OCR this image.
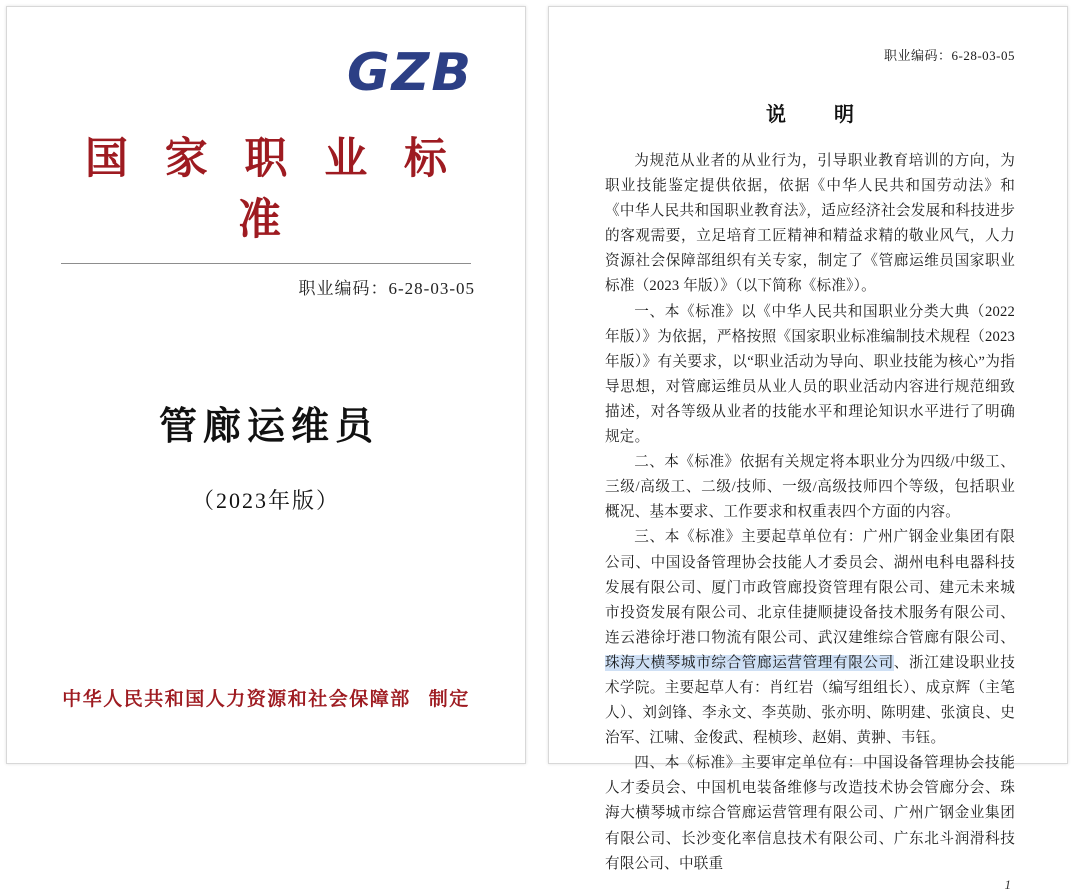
GZB
国 家 职 业 标 准
职业编码：6-28-03-05
管廊运维员
（2023年版）
中华人民共和国人力资源和社会保障部 制定
职业编码：6-28-03-05
说　明

为规范从业者的从业行为，引导职业教育培训的方向，为职业技能鉴定提供依据，依据《中华人民共和国劳动法》和《中华人民共和国职业教育法》，适应经济社会发展和科技进步的客观需要，立足培育工匠精神和精益求精的敬业风气，人力资源社会保障部组织有关专家，制定了《管廊运维员国家职业标准（2023 年版）》（以下简称《标准》）。

一、本《标准》以《中华人民共和国职业分类大典（2022 年版）》为依据，严格按照《国家职业标准编制技术规程（2023 年版）》有关要求，以“职业活动为导向、职业技能为核心”为指导思想，对管廊运维员从业人员的职业活动内容进行规范细致描述，对各等级从业者的技能水平和理论知识水平进行了明确规定。

二、本《标准》依据有关规定将本职业分为四级/中级工、三级/高级工、二级/技师、一级/高级技师四个等级，包括职业概况、基本要求、工作要求和权重表四个方面的内容。

三、本《标准》主要起草单位有：广州广钢金业集团有限公司、中国设备管理协会技能人才委员会、湖州电科电器科技发展有限公司、厦门市政管廊投资管理有限公司、建元未来城市投资发展有限公司、北京佳捷顺捷设备技术服务有限公司、连云港徐圩港口物流有限公司、武汉建维综合管廊有限公司、珠海大横琴城市综合管廊运营管理有限公司、浙江建设职业技术学院。主要起草人有：肖红岩（编写组组长）、成京辉（主笔人）、刘剑锋、李永文、李英勋、张亦明、陈明建、张演良、史治军、江啸、金俊武、程桢珍、赵娟、黄翀、韦钰。

四、本《标准》主要审定单位有：中国设备管理协会技能人才委员会、中国机电装备维修与改造技术协会管廊分会、珠海大横琴城市综合管廊运营管理有限公司、广州广钢金业集团有限公司、长沙变化率信息技术有限公司、广东北斗润滑科技有限公司、中联重

1
